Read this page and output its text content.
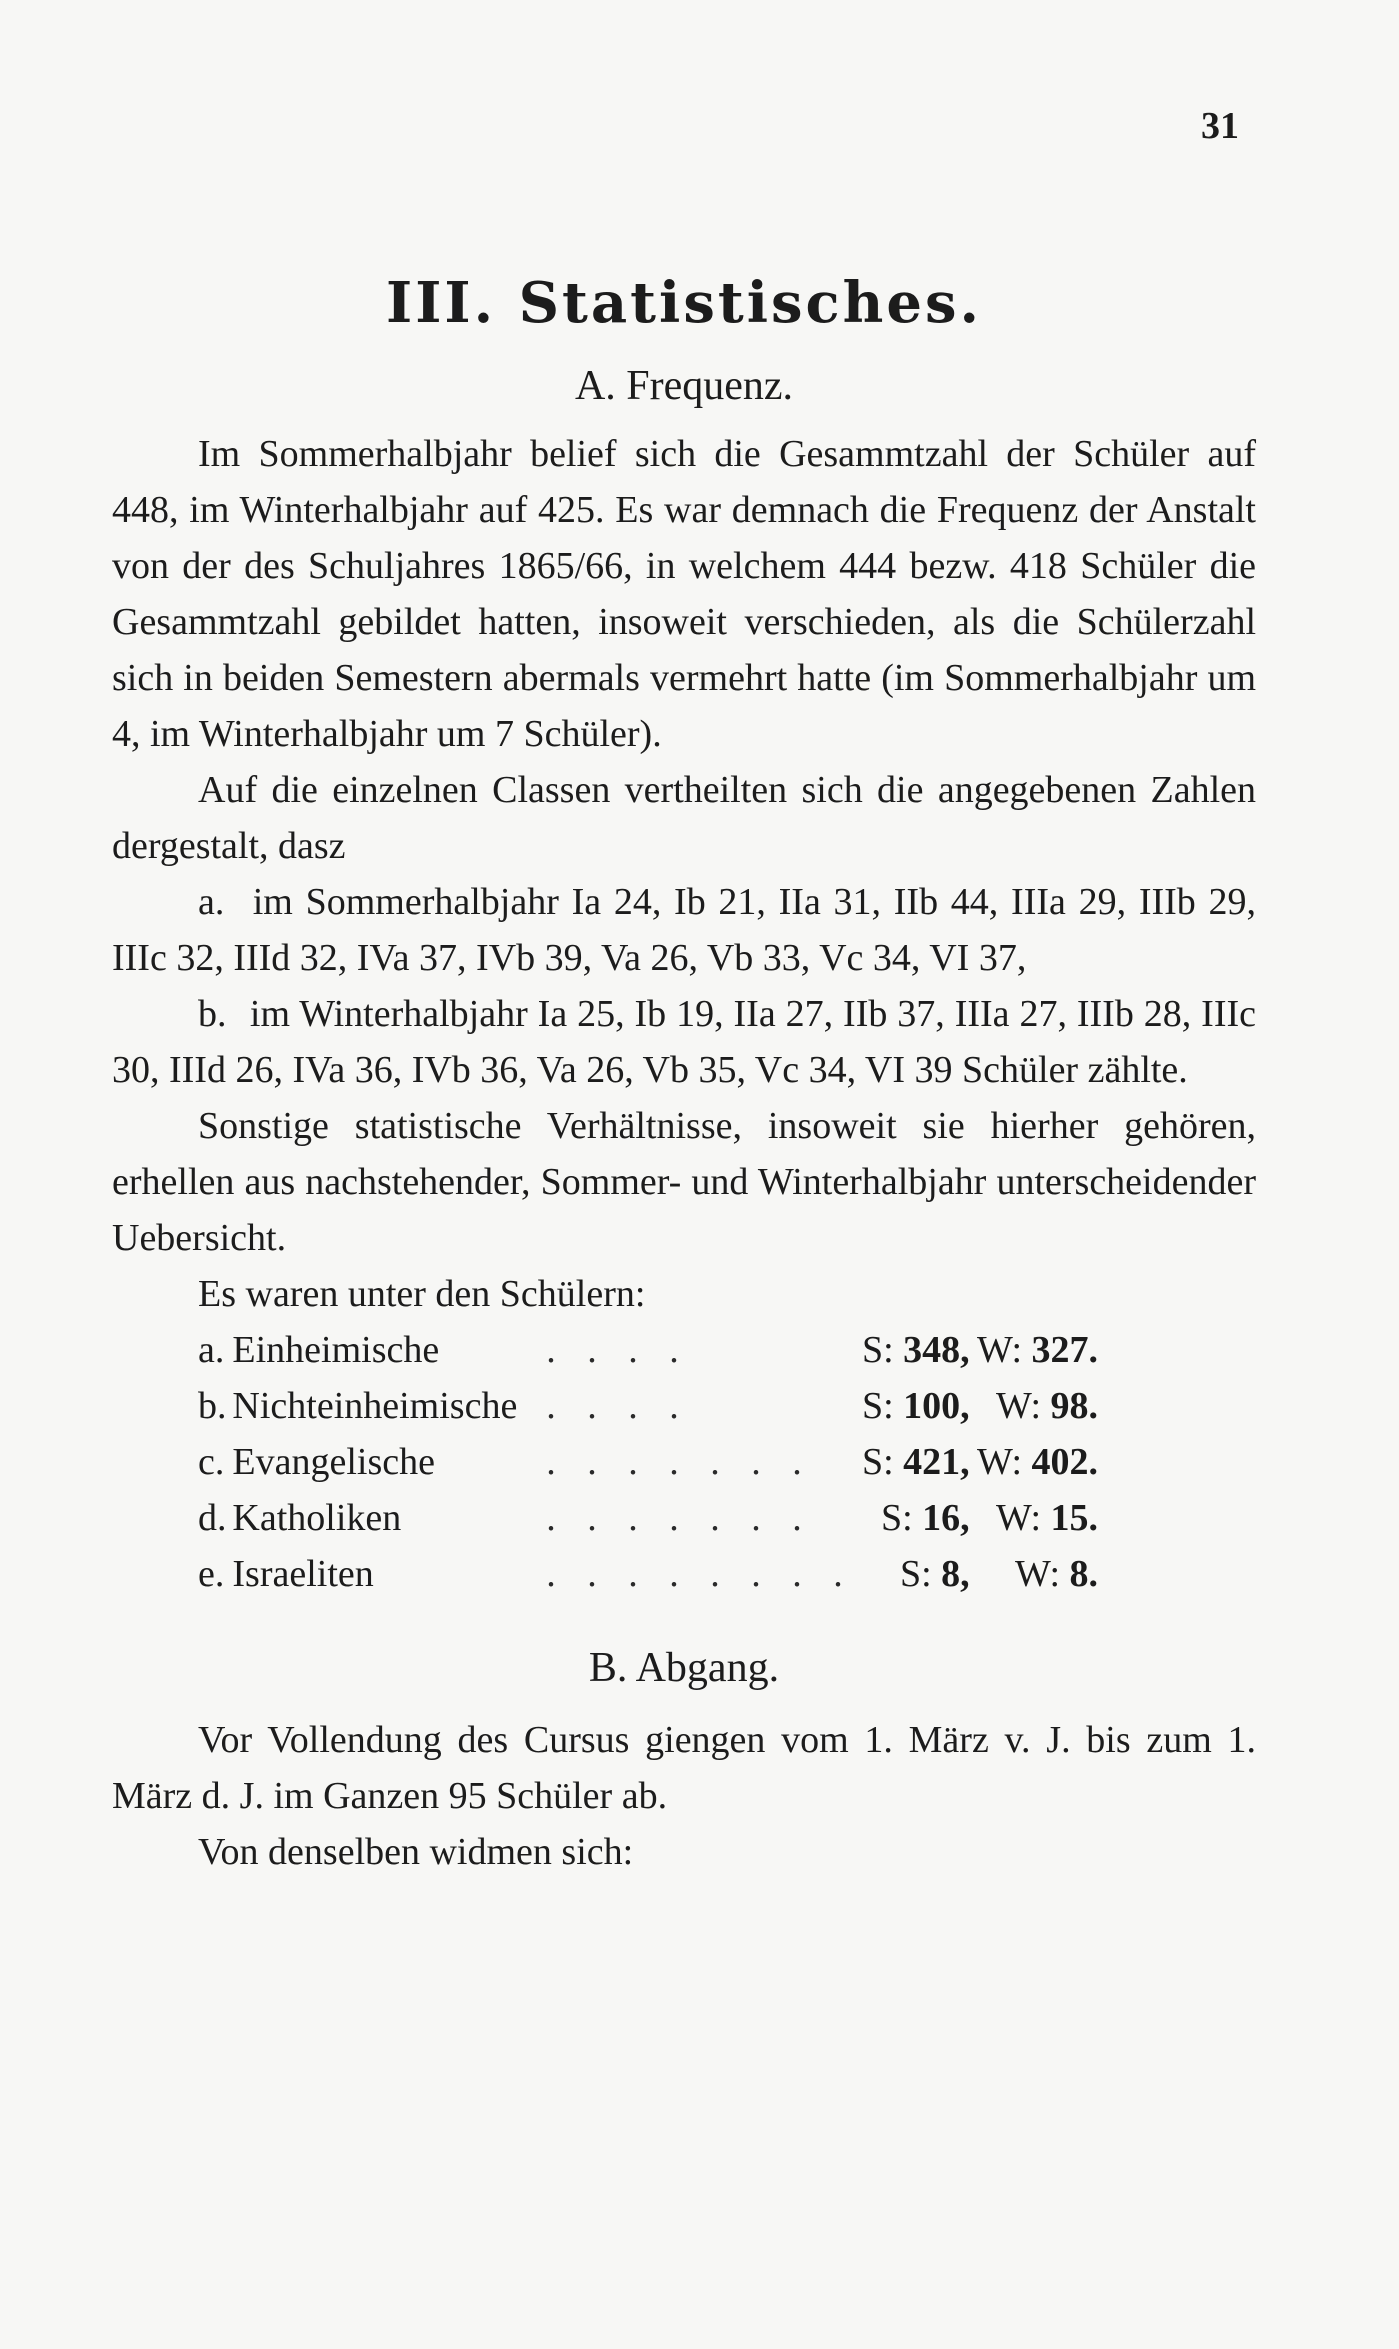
31
III. Statistisches.
A. Frequenz.

Im Sommerhalbjahr belief sich die Gesammtzahl der Schüler auf 448, im Winterhalbjahr auf 425. Es war demnach die Frequenz der Anstalt von der des Schuljahres 1865/66, in welchem 444 bezw. 418 Schüler die Gesammtzahl gebildet hatten, insoweit verschieden, als die Schülerzahl sich in beiden Semestern abermals vermehrt hatte (im Sommerhalbjahr um 4, im Winterhalbjahr um 7 Schüler).

Auf die einzelnen Classen vertheilten sich die angegebenen Zahlen dergestalt, dasz

a. im Sommerhalbjahr Ia 24, Ib 21, IIa 31, IIb 44, IIIa 29, IIIb 29, IIIc 32, IIId 32, IVa 37, IVb 39, Va 26, Vb 33, Vc 34, VI 37,

b. im Winterhalbjahr Ia 25, Ib 19, IIa 27, IIb 37, IIIa 27, IIIb 28, IIIc 30, IIId 26, IVa 36, IVb 36, Va 26, Vb 35, Vc 34, VI 39 Schüler zählte.

Sonstige statistische Verhältnisse, insoweit sie hierher gehören, erhellen aus nachstehender, Sommer- und Winterhalbjahr unterscheidender Uebersicht.

Es waren unter den Schülern:

a.	Einheimische	. . . .	S: 348,	W: 327.
b.	Nichteinheimische	. . . .	S: 100,	W: 98.
c.	Evangelische	. . . . . . .	S: 421,	W: 402.
d.	Katholiken	. . . . . . .	S: 16,	W: 15.
e.	Israeliten	. . . . . . . .	S: 8,	W: 8.
B. Abgang.

Vor Vollendung des Cursus giengen vom 1. März v. J. bis zum 1. März d. J. im Ganzen 95 Schüler ab.

Von denselben widmen sich:
